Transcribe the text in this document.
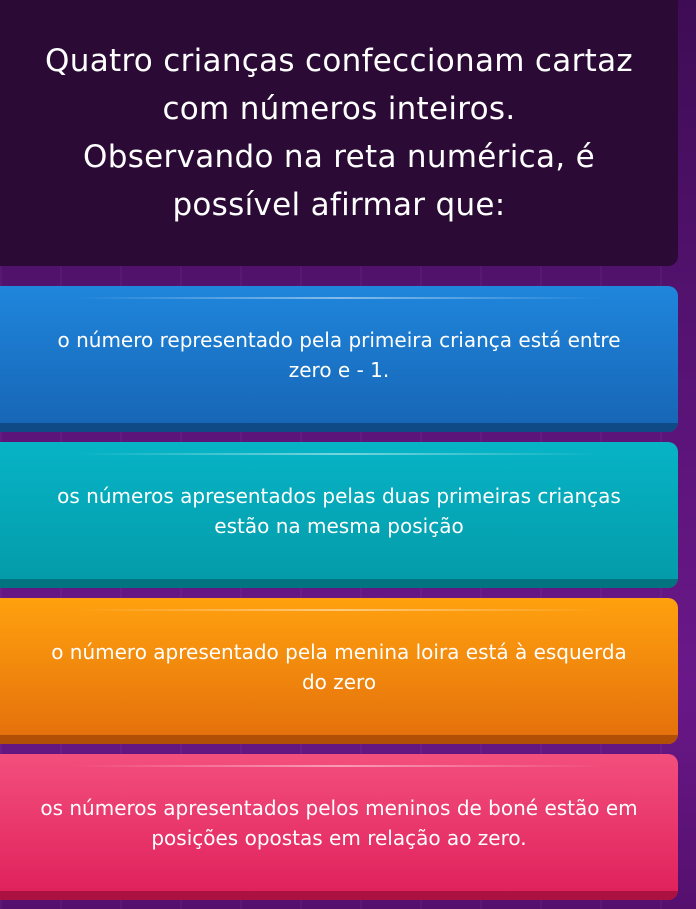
Quatro crianças confeccionam cartaz
com números inteiros.
Observando na reta numérica, é
possível afirmar que:
o número representado pela primeira criança está entre
zero e - 1.
os números apresentados pelas duas primeiras crianças
estão na mesma posição
o número apresentado pela menina loira está à esquerda
do zero
os números apresentados pelos meninos de boné estão em
posições opostas em relação ao zero.
